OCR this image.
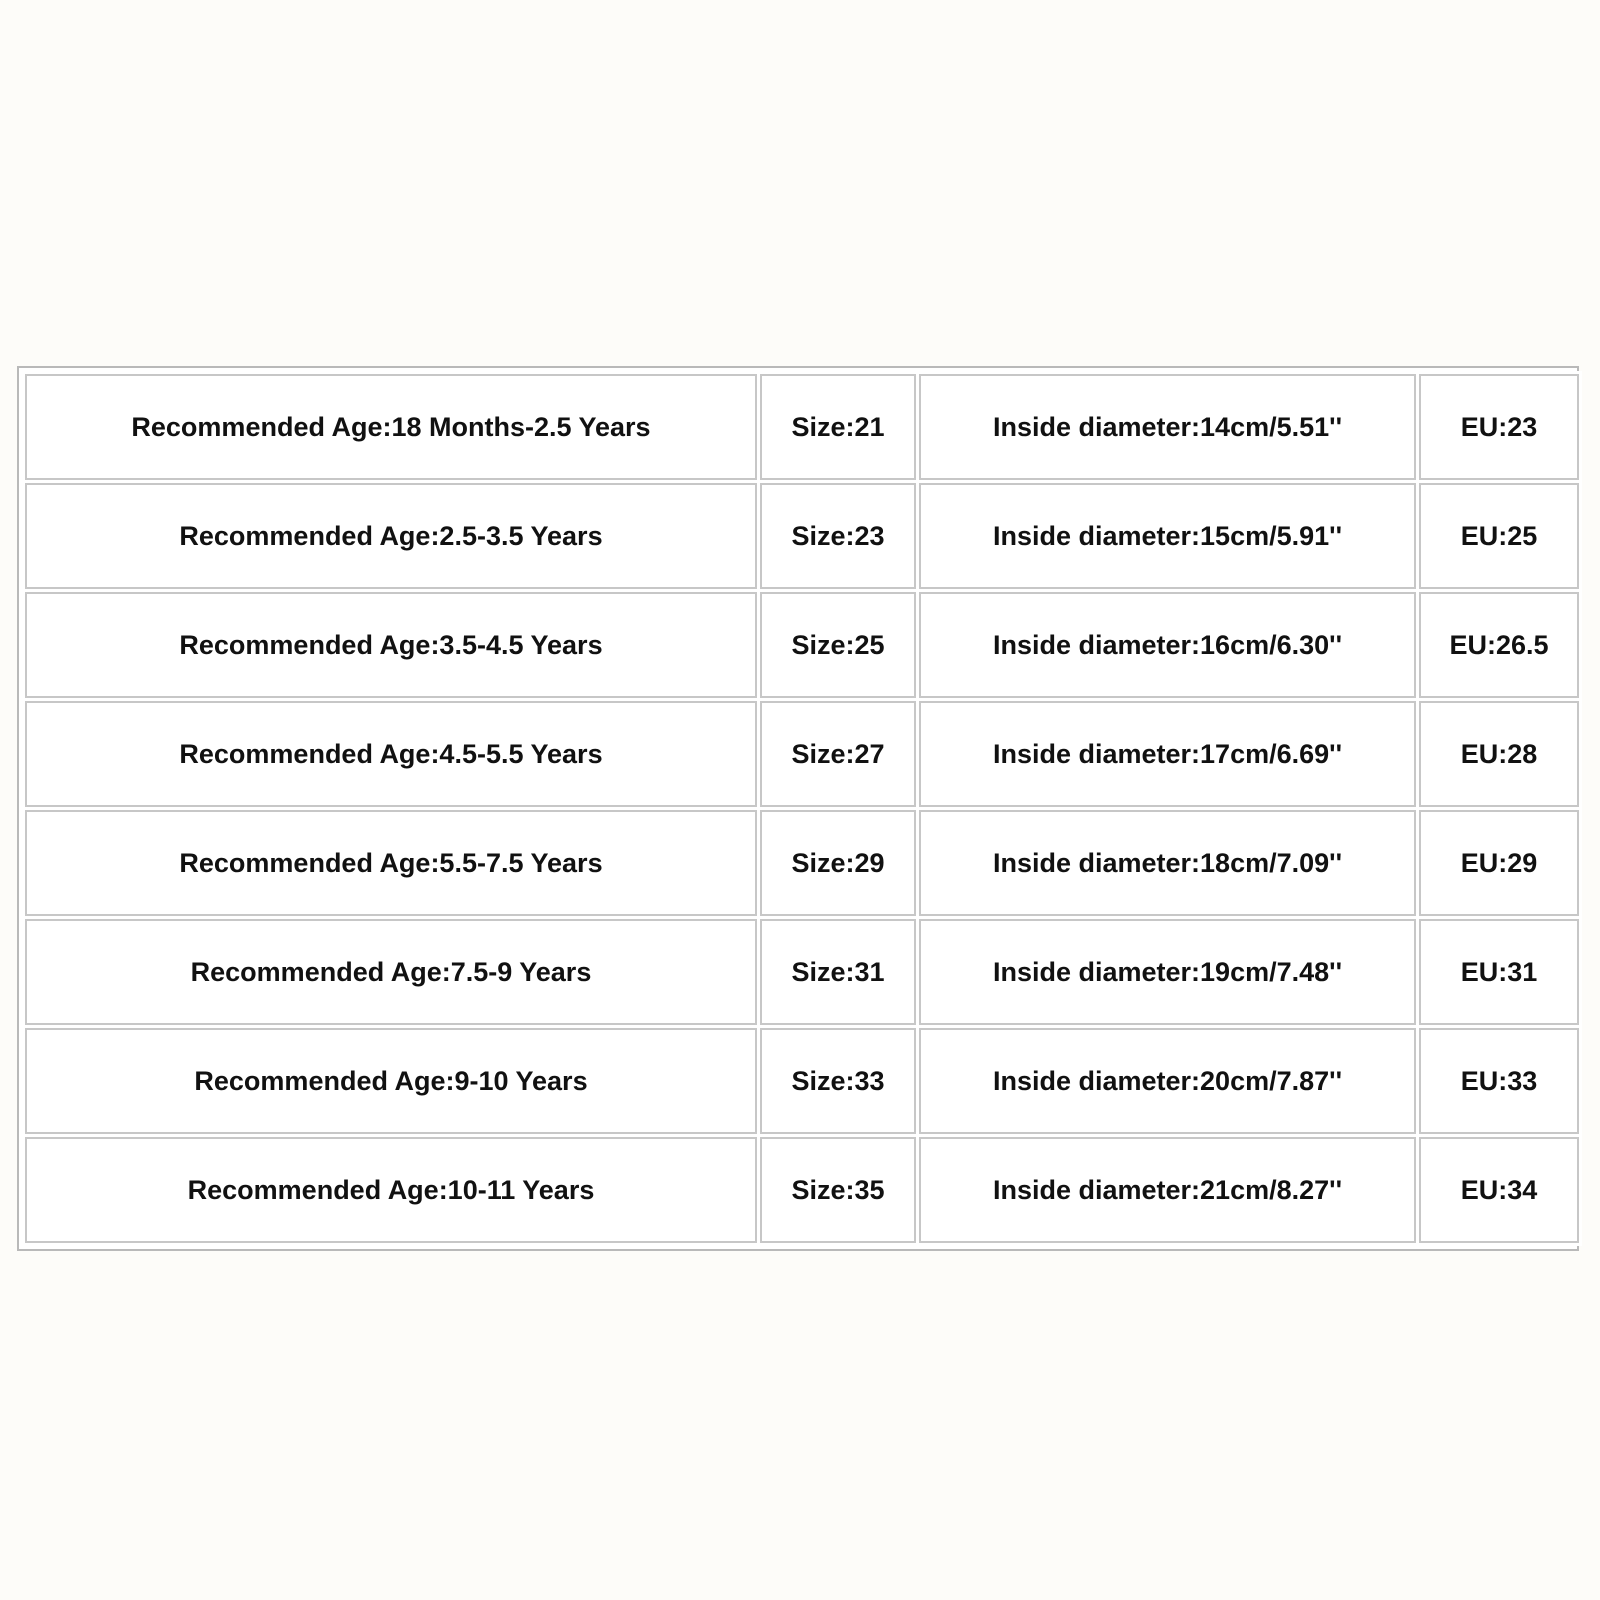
Recommended Age:18 Months-2.5 Years	Size:21	Inside diameter:14cm/5.51''	EU:23
Recommended Age:2.5-3.5 Years	Size:23	Inside diameter:15cm/5.91''	EU:25
Recommended Age:3.5-4.5 Years	Size:25	Inside diameter:16cm/6.30''	EU:26.5
Recommended Age:4.5-5.5 Years	Size:27	Inside diameter:17cm/6.69''	EU:28
Recommended Age:5.5-7.5 Years	Size:29	Inside diameter:18cm/7.09''	EU:29
Recommended Age:7.5-9 Years	Size:31	Inside diameter:19cm/7.48''	EU:31
Recommended Age:9-10 Years	Size:33	Inside diameter:20cm/7.87''	EU:33
Recommended Age:10-11 Years	Size:35	Inside diameter:21cm/8.27''	EU:34
